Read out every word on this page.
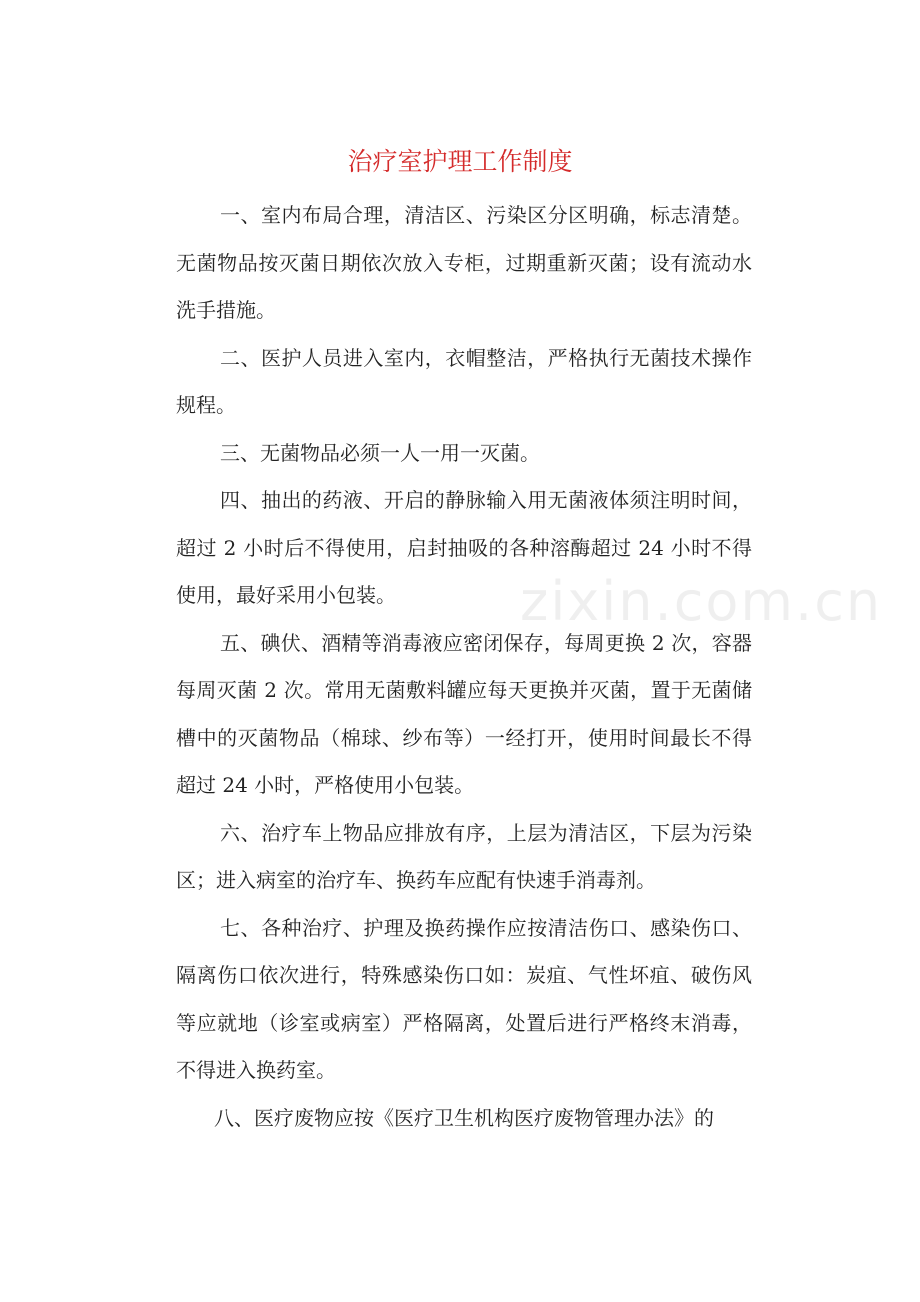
治疗室护理工作制度

一、室内布局合理，清洁区、污染区分区明确，标志清楚。无菌物品按灭菌日期依次放入专柜，过期重新灭菌；设有流动水洗手措施。

二、医护人员进入室内，衣帽整洁，严格执行无菌技术操作规程。

三、无菌物品必须一人一用一灭菌。

四、抽出的药液、开启的静脉输入用无菌液体须注明时间，超过 2 小时后不得使用，启封抽吸的各种溶酶超过 24 小时不得使用，最好采用小包装。

五、碘伏、酒精等消毒液应密闭保存，每周更换 2 次，容器每周灭菌 2 次。常用无菌敷料罐应每天更换并灭菌，置于无菌储槽中的灭菌物品（棉球、纱布等）一经打开，使用时间最长不得超过 24 小时，严格使用小包装。

六、治疗车上物品应排放有序，上层为清洁区，下层为污染区；进入病室的治疗车、换药车应配有快速手消毒剂。

七、各种治疗、护理及换药操作应按清洁伤口、感染伤口、隔离伤口依次进行，特殊感染伤口如：炭疽、气性坏疽、破伤风等应就地（诊室或病室）严格隔离，处置后进行严格终末消毒，不得进入换药室。

八、医疗废物应按《医疗卫生机构医疗废物管理办法》的

zixin.com.cn
